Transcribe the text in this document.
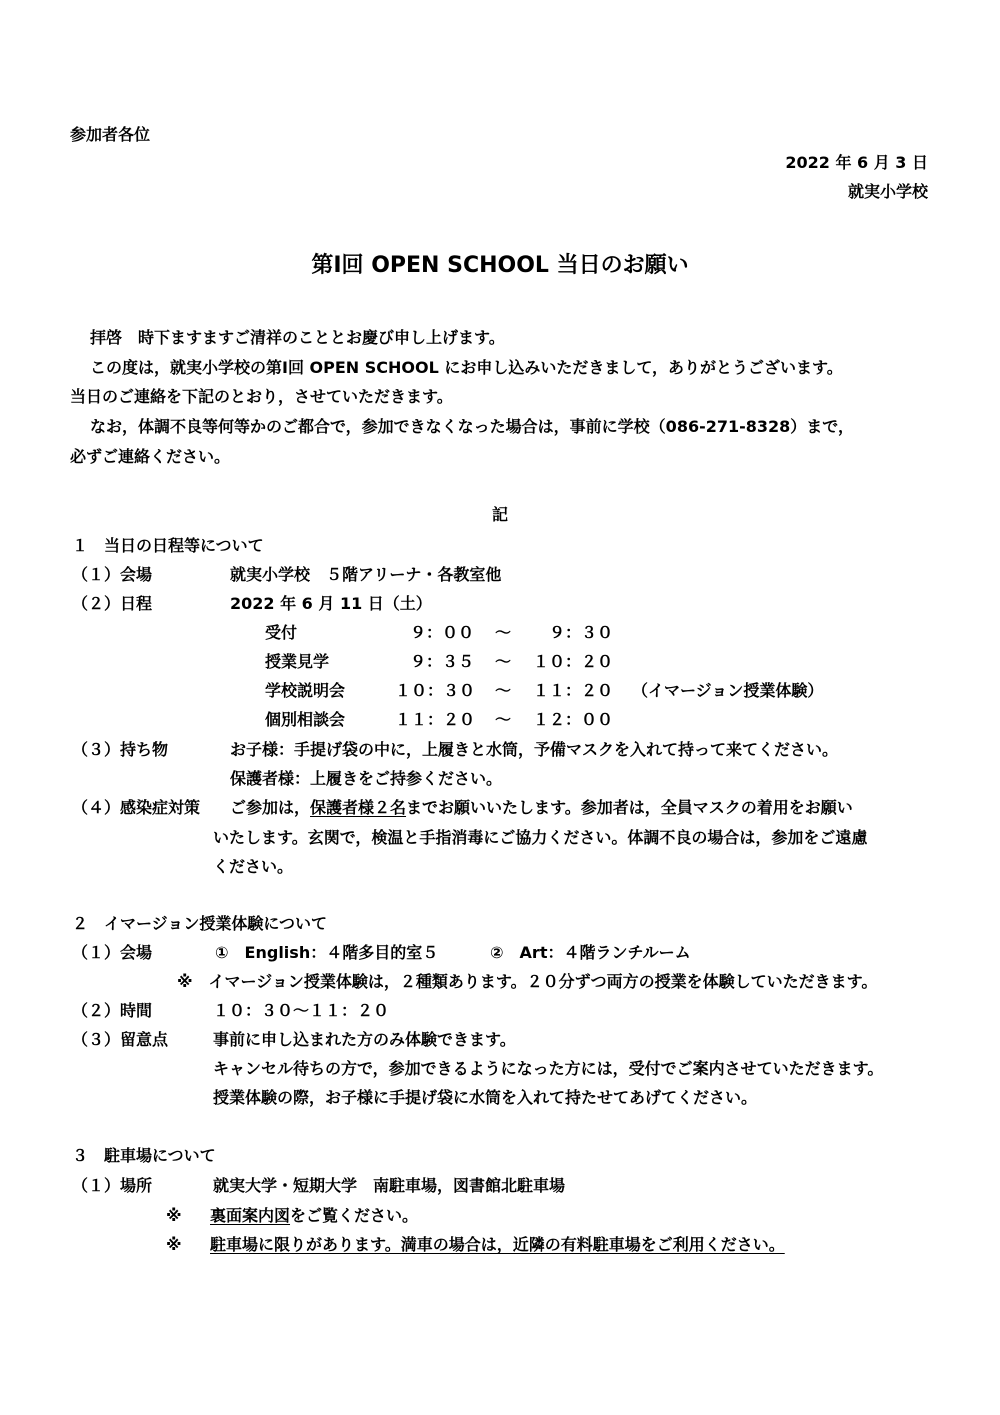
参加者各位
2022 年 6 月 3 日
就実小学校
第Ⅰ回 OPEN SCHOOL 当日のお願い
拝啓　時下ますますご清祥のこととお慶び申し上げます。
この度は，就実小学校の第Ⅰ回 OPEN SCHOOL にお申し込みいただきまして，ありがとうございます。
当日のご連絡を下記のとおり，させていただきます。
なお，体調不良等何等かのご都合で，参加できなくなった場合は，事前に学校（086-271-8328）まで，
必ずご連絡ください。
記
１　当日の日程等について
（１）会場	就実小学校　５階アリーナ・各教室他
（２）日程	2022 年 6 月 11 日（土）
受付	９：００ ～ ９：３０
授業見学	９：３５ ～ １０：２０
学校説明会	１０：３０ ～ １１：２０ （イマージョン授業体験）
個別相談会	１１：２０ ～ １２：００
（３）持ち物	お子様：手提げ袋の中に，上履きと水筒，予備マスクを入れて持って来てください。
保護者様：上履きをご持参ください。
（４）感染症対策 ご参加は，保護者様２名までお願いいたします。参加者は，全員マスクの着用をお願い
いたします。玄関で，検温と手指消毒にご協力ください。体調不良の場合は，参加をご遠慮
ください。
２　イマージョン授業体験について
（１）会場	①　English：４階多目的室５	②　Art：４階ランチルーム
※　イマージョン授業体験は，２種類あります。２０分ずつ両方の授業を体験していただきます。
（２）時間	１０：３０～１１：２０
（３）留意点	事前に申し込まれた方のみ体験できます。
キャンセル待ちの方で，参加できるようになった方には，受付でご案内させていただきます。
授業体験の際，お子様に手提げ袋に水筒を入れて持たせてあげてください。
３　駐車場について
（１）場所	就実大学・短期大学　南駐車場，図書館北駐車場
※ 裏面案内図をご覧ください。
※ 駐車場に限りがあります。満車の場合は，近隣の有料駐車場をご利用ください。
